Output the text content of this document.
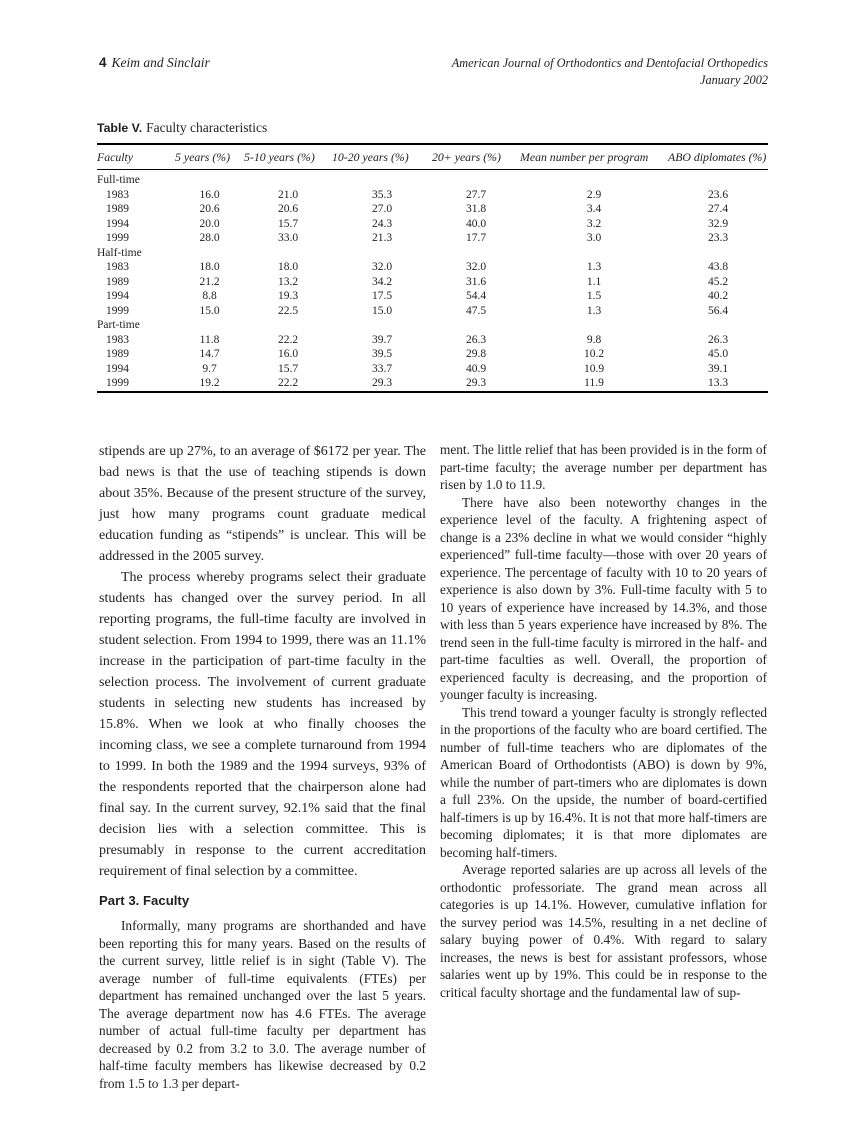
4 Keim and Sinclair	American Journal of Orthodontics and Dentofacial Orthopedics
January 2002
Table V. Faculty characteristics
Faculty	5 years (%)	5-10 years (%)	10-20 years (%)	20+ years (%)	Mean number per program	ABO diplomates (%)
Full-time						
1983	16.0	21.0	35.3	27.7	2.9	23.6
1989	20.6	20.6	27.0	31.8	3.4	27.4
1994	20.0	15.7	24.3	40.0	3.2	32.9
1999	28.0	33.0	21.3	17.7	3.0	23.3
Half-time						
1983	18.0	18.0	32.0	32.0	1.3	43.8
1989	21.2	13.2	34.2	31.6	1.1	45.2
1994	8.8	19.3	17.5	54.4	1.5	40.2
1999	15.0	22.5	15.0	47.5	1.3	56.4
Part-time						
1983	11.8	22.2	39.7	26.3	9.8	26.3
1989	14.7	16.0	39.5	29.8	10.2	45.0
1994	9.7	15.7	33.7	40.9	10.9	39.1
1999	19.2	22.2	29.3	29.3	11.9	13.3

stipends are up 27%, to an average of $6172 per year. The bad news is that the use of teaching stipends is down about 35%. Because of the present structure of the survey, just how many programs count graduate medical education funding as “stipends” is unclear. This will be addressed in the 2005 survey.

The process whereby programs select their graduate students has changed over the survey period. In all reporting programs, the full-time faculty are involved in student selection. From 1994 to 1999, there was an 11.1% increase in the participation of part-time faculty in the selection process. The involvement of current graduate students in selecting new students has increased by 15.8%. When we look at who finally chooses the incoming class, we see a complete turnaround from 1994 to 1999. In both the 1989 and the 1994 surveys, 93% of the respondents reported that the chairperson alone had final say. In the current survey, 92.1% said that the final decision lies with a selection committee. This is presumably in response to the current accreditation requirement of final selection by a committee.

Part 3. Faculty

Informally, many programs are shorthanded and have been reporting this for many years. Based on the results of the current survey, little relief is in sight (Table V). The average number of full-time equivalents (FTEs) per department has remained unchanged over the last 5 years. The average department now has 4.6 FTEs. The average number of actual full-time faculty per department has decreased by 0.2 from 3.2 to 3.0. The average number of half-time faculty members has likewise decreased by 0.2 from 1.5 to 1.3 per depart-

ment. The little relief that has been provided is in the form of part-time faculty; the average number per department has risen by 1.0 to 11.9.

There have also been noteworthy changes in the experience level of the faculty. A frightening aspect of change is a 23% decline in what we would consider “highly experienced” full-time faculty—those with over 20 years of experience. The percentage of faculty with 10 to 20 years of experience is also down by 3%. Full-time faculty with 5 to 10 years of experience have increased by 14.3%, and those with less than 5 years experience have increased by 8%. The trend seen in the full-time faculty is mirrored in the half- and part-time faculties as well. Overall, the proportion of experienced faculty is decreasing, and the proportion of younger faculty is increasing.

This trend toward a younger faculty is strongly reflected in the proportions of the faculty who are board certified. The number of full-time teachers who are diplomates of the American Board of Orthodontists (ABO) is down by 9%, while the number of part-timers who are diplomates is down a full 23%. On the upside, the number of board-certified half-timers is up by 16.4%. It is not that more half-timers are becoming diplomates; it is that more diplomates are becoming half-timers.

Average reported salaries are up across all levels of the orthodontic professoriate. The grand mean across all categories is up 14.1%. However, cumulative inflation for the survey period was 14.5%, resulting in a net decline of salary buying power of 0.4%. With regard to salary increases, the news is best for assistant professors, whose salaries went up by 19%. This could be in response to the critical faculty shortage and the fundamental law of sup-
